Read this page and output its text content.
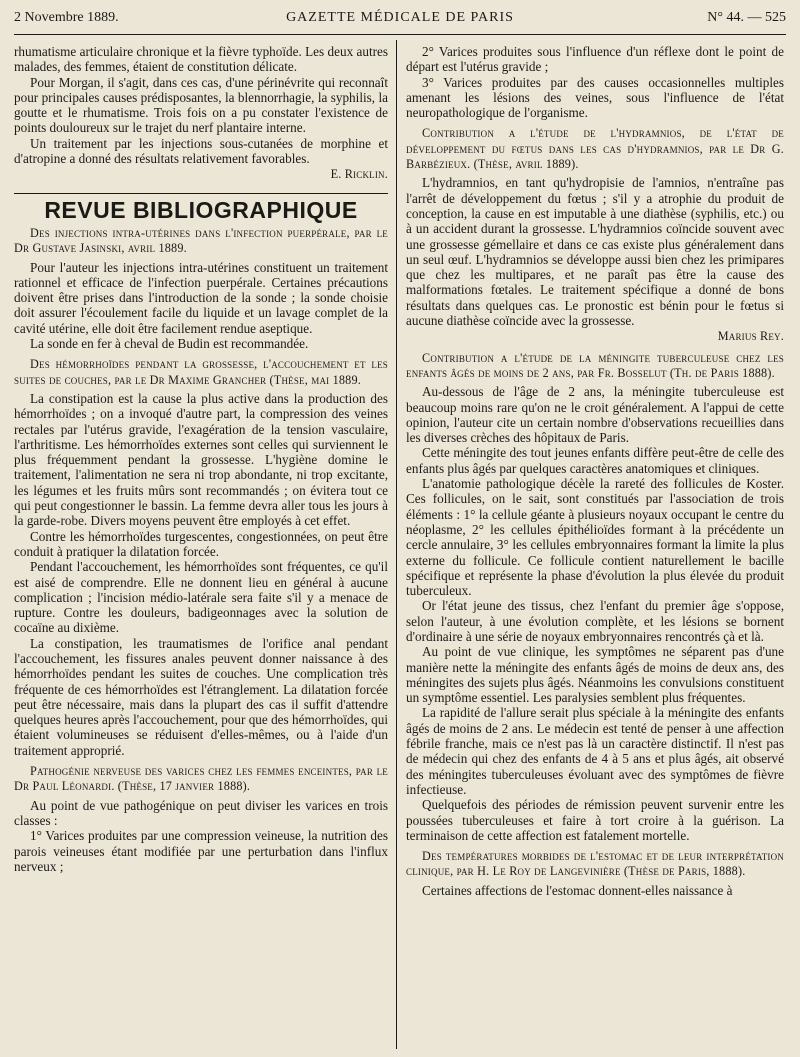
2 Novembre 1889.	GAZETTE MÉDICALE DE PARIS	N° 44. — 525

rhumatisme articulaire chronique et la fièvre typhoïde. Les deux autres malades, des femmes, étaient de constitution délicate.

Pour Morgan, il s'agit, dans ces cas, d'une périnévrite qui reconnaît pour principales causes prédisposantes, la blennorrhagie, la syphilis, la goutte et le rhumatisme. Trois fois on a pu constater l'existence de points douloureux sur le trajet du nerf plantaire interne.

Un traitement par les injections sous-cutanées de morphine et d'atropine a donné des résultats relativement favorables.

E. Ricklin.

REVUE BIBLIOGRAPHIQUE

Des injections intra-utérines dans l'infection puerpérale, par le Dr Gustave Jasinski, avril 1889.

Pour l'auteur les injections intra-utérines constituent un traitement rationnel et efficace de l'infection puerpérale. Certaines précautions doivent être prises dans l'introduction de la sonde ; la sonde choisie doit assurer l'écoulement facile du liquide et un lavage complet de la cavité utérine, elle doit être facilement rendue aseptique.

La sonde en fer à cheval de Budin est recommandée.

Des hémorrhoïdes pendant la grossesse, l'accouchement et les suites de couches, par le Dr Maxime Grancher (Thèse, mai 1889.

La constipation est la cause la plus active dans la production des hémorrhoïdes ; on a invoqué d'autre part, la compression des veines rectales par l'utérus gravide, l'exagération de la tension vasculaire, l'arthritisme. Les hémorrhoïdes externes sont celles qui surviennent le plus fréquemment pendant la grossesse. L'hygiène domine le traitement, l'alimentation ne sera ni trop abondante, ni trop excitante, les légumes et les fruits mûrs sont recommandés ; on évitera tout ce qui peut congestionner le bassin. La femme devra aller tous les jours à la garde-robe. Divers moyens peuvent être employés à cet effet.

Contre les hémorrhoïdes turgescentes, congestionnées, on peut être conduit à pratiquer la dilatation forcée.

Pendant l'accouchement, les hémorrhoïdes sont fréquentes, ce qu'il est aisé de comprendre. Elle ne donnent lieu en général à aucune complication ; l'incision médio-latérale sera faite s'il y a menace de rupture. Contre les douleurs, badigeonnages avec la solution de cocaïne au dixième.

La constipation, les traumatismes de l'orifice anal pendant l'accouchement, les fissures anales peuvent donner naissance à des hémorrhoïdes pendant les suites de couches. Une complication très fréquente de ces hémorrhoïdes est l'étranglement. La dilatation forcée peut être nécessaire, mais dans la plupart des cas il suffit d'attendre quelques heures après l'accouchement, pour que des hémorrhoïdes, qui étaient volumineuses se réduisent d'elles-mêmes, ou à l'aide d'un traitement approprié.

Pathogénie nerveuse des varices chez les femmes enceintes, par le Dr Paul Léonardi. (Thèse, 17 janvier 1888).

Au point de vue pathogénique on peut diviser les varices en trois classes :

1° Varices produites par une compression veineuse, la nutrition des parois veineuses étant modifiée par une perturbation dans l'influx nerveux ;

2° Varices produites sous l'influence d'un réflexe dont le point de départ est l'utérus gravide ;

3° Varices produites par des causes occasionnelles multiples amenant les lésions des veines, sous l'influence de l'état neuropathologique de l'organisme.

Contribution a l'étude de l'hydramnios, de l'état de développement du fœtus dans les cas d'hydramnios, par le Dr G. Barbézieux. (Thèse, avril 1889).

L'hydramnios, en tant qu'hydropisie de l'amnios, n'entraîne pas l'arrêt de développement du fœtus ; s'il y a atrophie du produit de conception, la cause en est imputable à une diathèse (syphilis, etc.) ou à un accident durant la grossesse. L'hydramnios coïncide souvent avec une grossesse gémellaire et dans ce cas existe plus généralement dans un seul œuf. L'hydramnios se développe aussi bien chez les primipares que chez les multipares, et ne paraît pas être la cause des malformations fœtales. Le traitement spécifique a donné de bons résultats dans quelques cas. Le pronostic est bénin pour le fœtus si aucune diathèse coïncide avec la grossesse.

Marius Rey.

Contribution a l'étude de la méningite tuberculeuse chez les enfants âgés de moins de 2 ans, par Fr. Bosselut (Th. de Paris 1888).

Au-dessous de l'âge de 2 ans, la méningite tuberculeuse est beaucoup moins rare qu'on ne le croit généralement. A l'appui de cette opinion, l'auteur cite un certain nombre d'observations recueillies dans les diverses crèches des hôpitaux de Paris.

Cette méningite des tout jeunes enfants diffère peut-être de celle des enfants plus âgés par quelques caractères anatomiques et cliniques.

L'anatomie pathologique décèle la rareté des follicules de Koster. Ces follicules, on le sait, sont constitués par l'association de trois éléments : 1° la cellule géante à plusieurs noyaux occupant le centre du néoplasme, 2° les cellules épithélioïdes formant à la précédente un cercle annulaire, 3° les cellules embryonnaires formant la limite la plus externe du follicule. Ce follicule contient naturellement le bacille spécifique et représente la phase d'évolution la plus élevée du produit tuberculeux.

Or l'état jeune des tissus, chez l'enfant du premier âge s'oppose, selon l'auteur, à une évolution complète, et les lésions se bornent d'ordinaire à une série de noyaux embryonnaires rencontrés çà et là.

Au point de vue clinique, les symptômes ne séparent pas d'une manière nette la méningite des enfants âgés de moins de deux ans, des méningites des sujets plus âgés. Néanmoins les convulsions constituent un symptôme essentiel. Les paralysies semblent plus fréquentes.

La rapidité de l'allure serait plus spéciale à la méningite des enfants âgés de moins de 2 ans. Le médecin est tenté de penser à une affection fébrile franche, mais ce n'est pas là un caractère distinctif. Il n'est pas de médecin qui chez des enfants de 4 à 5 ans et plus âgés, ait observé des méningites tuberculeuses évoluant avec des symptômes de fièvre infectieuse.

Quelquefois des périodes de rémission peuvent survenir entre les poussées tuberculeuses et faire à tort croire à la guérison. La terminaison de cette affection est fatalement mortelle.

Des températures morbides de l'estomac et de leur interprétation clinique, par H. Le Roy de Langevinière (Thèse de Paris, 1888).

Certaines affections de l'estomac donnent-elles naissance à
